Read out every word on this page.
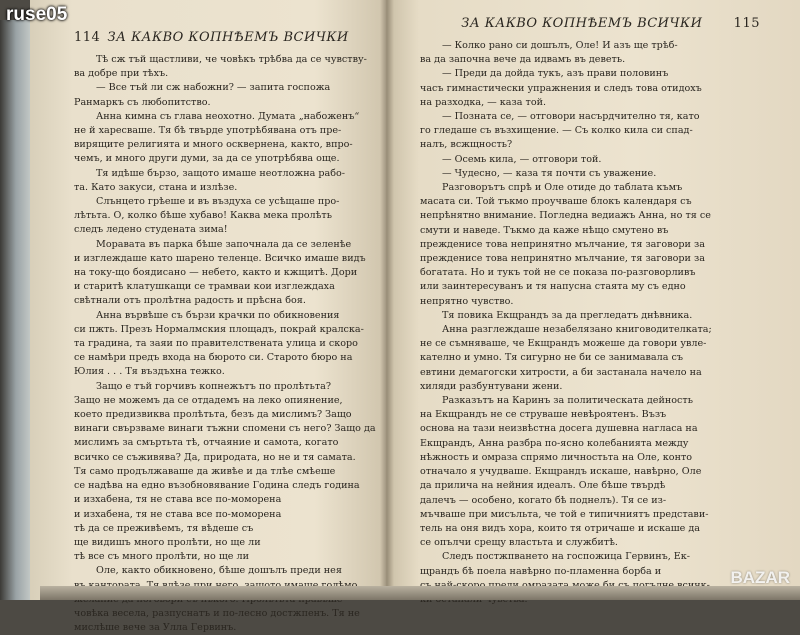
114 ЗА КАКВО КОПНѢЕМЪ ВСИЧКИ
Тѣ сж тъй щастливи, че човѣкъ трѣбва да се чувству-
ва добре при тѣхъ.
— Все тъй ли сж набожни? — запита госпожа
Ранмаркъ съ любопитство.
Анна кимна съ глава неохотно. Думата „набоженъ“
не й харесваше. Тя бѣ твърде употрѣбявана отъ пре-
вирящите религията и много осквернена, както, впро-
чемъ, и много други думи, за да се употрѣбява още.
Тя идѣше бързо, защото имаше неотложна рабо-
та. Като закуси, стана и излѣзе.
Слънцето грѣеше и въ въздуха се усѣщаше про-
лѣтьта. О, колко бѣше хубаво! Каква мека пролѣть
следъ ледено студената зима!
Моравата въ парка бѣше започнала да се зеленѣе
и изглеждаше като шарено теленце. Всичко имаше видъ
на току-що боядисано — небето, както и кжщитѣ. Дори
и старитѣ клатушкащи се трамваи кои изглеждаха
свѣтнали отъ пролѣтна радость и прѣсна боя.
Анна вървѣше съ бързи крачки по обикновения
си пжть. Презъ Нормалмския площадъ, покрай кралска-
та градина, та заяи по правителствената улица и скоро
се намѣри предъ входа на бюрото си. Старото бюро на
Юлия . . . Тя въздъхна тежко.
Защо е тъй горчивъ копнежътъ по пролѣтьта?
Защо не можемъ да се отдадемъ на леко опиянение,
което предизвиква пролѣтьта, безъ да мислимъ? Защо
винаги свързваме винаги тъжни спомени съ него? Защо да
мислимъ за смъртьта тѣ, отчаяние и самота, когато
всичко се съживява? Да, природата, но не и тя самата.
Тя само продължаваше да живѣе и да тлѣе смѣеше
се надѣва на едно възобновявание Година следъ година
и изхабена, тя не става все по-моморена
и изхабена, тя не става все по-моморена
тѣ да се преживѣемъ, тя вѣдеше съ
ще видишъ много пролѣти, но ще ли
тѣ все съ много пролѣти, но ще ли
Оле, както обикновено, бѣше дошълъ преди нея
човѣка весела, разпуснатъ и по-лесно достжпенъ. Тя не
мислѣше вече за Улла Гервинъ.
ЗА КАКВО КОПНѢЕМЪ ВСИЧКИ	115
— Колко рано си дошълъ, Оле! И азъ ще трѣб-
ва да започна вече да идвамъ въ деветь.
— Преди да дойда тукъ, азъ прави половинъ
часъ гимнастически упражнения и следъ това отидохъ
на разходка, — каза той.
— Позната се, — отговори насърдчително тя, като
го гледаше съ възхищение. — Съ колко кила си спад-
налъ, всжщность?
— Осемь кила, — отговори той.
— Чудесно, — каза тя почти съ уважение.
Разговорътъ спрѣ и Оле отиде до таблата къмъ
масата си. Той тъкмо проучваше блокъ календаря съ
непрѣнятно внимание. Погледна ведиажъ Анна, но тя се
смути и наведе. Тъкмо да каже нѣщо смутено въ
прежденисе това непринятно мълчание, тя заговори за
прежденисе това непринятно мълчание, тя заговори за
богатата. Но и тукъ той не се показа по-разговорливъ
или заинтересуванъ и тя напусна стаята му съ едно
непрятно чувство.
Тя повика Екщрандъ за да прегледатъ днѣвника.
Анна разглеждаше незабелязано книговодителката;
не се съмняваше, че Екщрандъ можеше да говори увле-
кателно и умно. Тя сигурно не би се занимавала съ
евтини демагогски хитрости, а би застанала начело на
хиляди разбунтувани жени.
Разказътъ на Каринъ за политическата дейность
на Екщрандъ не се струваше невѣроятенъ. Възъ
основа на тази неизвѣстна досега душевна нагласа на
Екщрандъ, Анна разбра по-ясно колебанията между
нѣжность и омраза спрямо личностьта на Оле, конто
отначало я учудваше. Екщрандъ искаше, навѣрно, Оле
да прилича на нейния идеалъ. Оле бѣше твърдѣ
далечъ — особено, когато бѣ поднелъ). Тя се из-
мъчваше при мисъльта, че той е типичниятъ представи-
тель на оня видъ хора, които тя отричаше и искаше да
се опълчи срещу властьта и службитѣ.
Следъ постжпването на госпожица Гервинъ, Ек-
щрандъ бѣ поела навѣрно по-пламенна борба и
ruse05
BAZAR
